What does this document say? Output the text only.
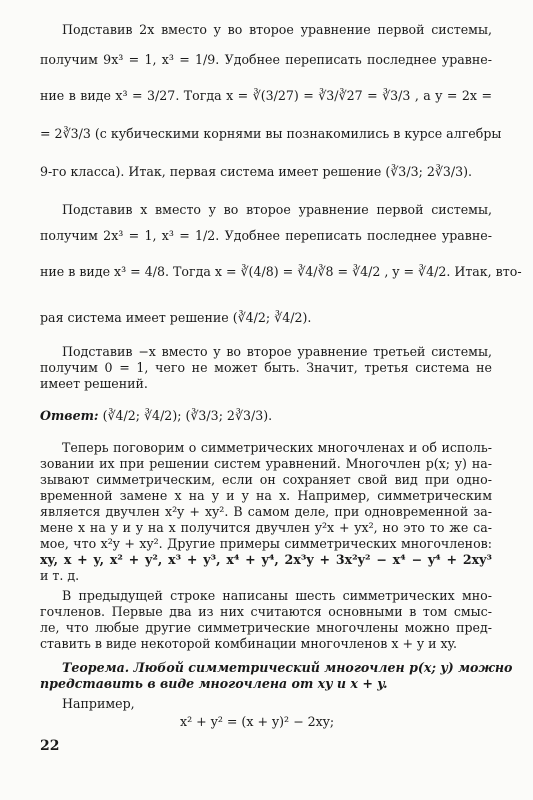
Подставив 2x вместо y во второе уравнение первой системы,
получим 9x³ = 1, x³ = 1/9. Удобнее переписать последнее уравне-
ние в виде x³ = 3/27. Тогда x = ∛(3/27) = ∛3/∛27 = ∛3/3 , а y = 2x =
= 2∛3/3 (с кубическими корнями вы познакомились в курсе алгебры
9-го класса). Итак, первая система имеет решение (∛3/3; 2∛3/3).
Подставив x вместо y во второе уравнение первой системы,
получим 2x³ = 1, x³ = 1/2. Удобнее переписать последнее уравне-
ние в виде x³ = 4/8. Тогда x = ∛(4/8) = ∛4/∛8 = ∛4/2 , y = ∛4/2. Итак, вто-
рая система имеет решение (∛4/2; ∛4/2).
Подставив −x вместо y во второе уравнение третьей системы,
получим 0 = 1, чего не может быть. Значит, третья система не
имеет решений.
Ответ: (∛4/2; ∛4/2); (∛3/3; 2∛3/3).
Теперь поговорим о симметрических многочленах и об исполь-
зовании их при решении систем уравнений. Многочлен p(x; y) на-
зывают симметрическим, если он сохраняет свой вид при одно-
временной замене x на y и y на x. Например, симметрическим
является двучлен x²y + xy². В самом деле, при одновременной за-
мене x на y и y на x получится двучлен y²x + yx², но это то же са-
мое, что x²y + xy². Другие примеры симметрических многочленов:
xy, x + y, x² + y², x³ + y³, x⁴ + y⁴, 2x³y + 3x²y² − x⁴ − y⁴ + 2xy³
и т. д.
В предыдущей строке написаны шесть симметрических мно-
гочленов. Первые два из них считаются основными в том смыс-
ле, что любые другие симметрические многочлены можно пред-
ставить в виде некоторой комбинации многочленов x + y и xy.
Теорема. Любой симметрический многочлен p(x; y) можно
представить в виде многочлена от xy и x + y.
Например,
x² + y² = (x + y)² − 2xy;
22
